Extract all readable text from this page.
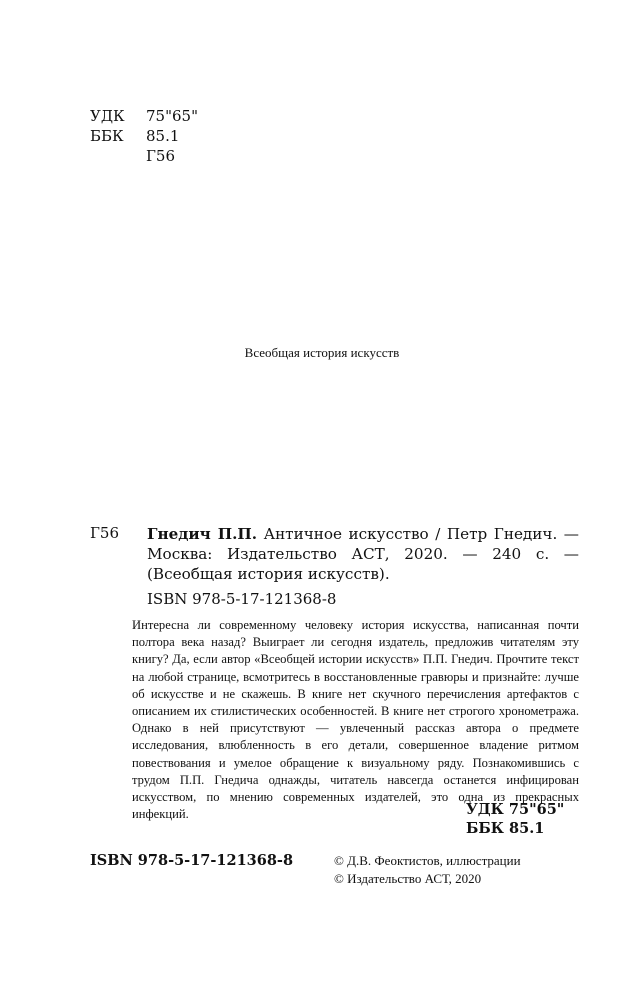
УДК	75"65"
ББК	85.1
Г56
Всеобщая история искусств
Г56 Гнедич П.П. Античное искусство / Петр Гнедич. — Москва: Издательство АСТ, 2020. — 240 с. — (Всеобщая история искусств).
ISBN 978-5-17-121368-8

Интересна ли современному человеку история искусства, написанная почти полтора века назад? Выиграет ли сегодня издатель, предложив читателям эту книгу? Да, если автор «Всеобщей истории искусств» П.П. Гнедич. Прочтите текст на любой странице, всмотритесь в восстановленные гравюры и признайте: лучше об искусстве и не скажешь. В книге нет скучного перечисления артефактов с описанием их стилистических особенностей. В книге нет строгого хронометража. Однако в ней присутствуют — увлеченный рассказ автора о предмете исследования, влюбленность в его детали, совершенное владение ритмом повествования и умелое обращение к визуальному ряду. Познакомившись с трудом П.П. Гнедича однажды, читатель навсегда останется инфицирован искусством, по мнению современных издателей, это одна из прекрасных инфекций.	УДК 75"65"
ББК 85.1
ISBN 978-5-17-121368-8	© Д.В. Феоктистов, иллюстрации
© Издательство АСТ, 2020
